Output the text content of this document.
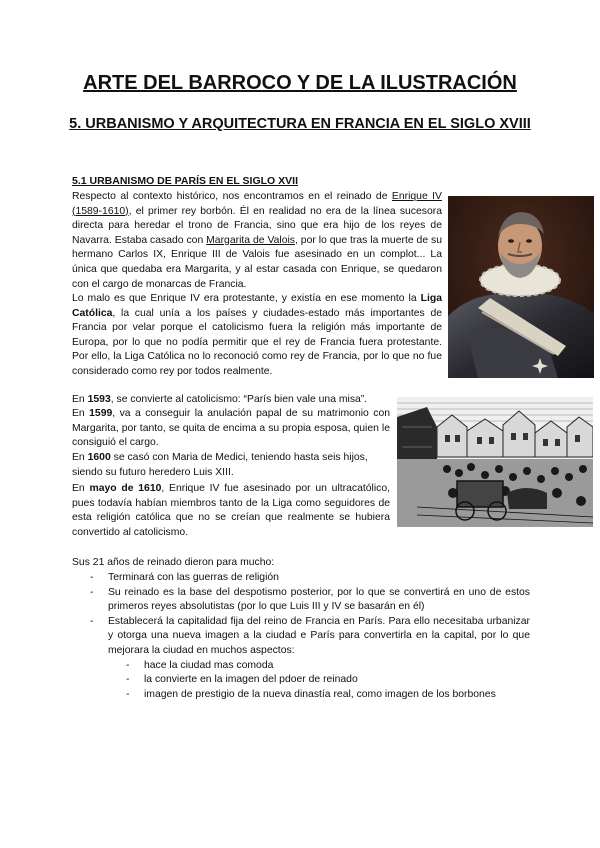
ARTE DEL BARROCO Y DE LA ILUSTRACIÓN
5. URBANISMO Y ARQUITECTURA EN FRANCIA EN EL SIGLO XVIII
5.1 URBANISMO DE PARÍS EN EL SIGLO XVII

Respecto al contexto histórico, nos encontramos en el reinado de Enrique IV (1589-1610), el primer rey borbón. Él en realidad no era de la línea sucesora directa para heredar el trono de Francia, sino que era hijo de los reyes de Navarra. Estaba casado con Margarita de Valois, por lo que tras la muerte de su hermano Carlos IX, Enrique III de Valois fue asesinado en un complot... La única que quedaba era Margarita, y al estar casada con Enrique, se quedaron con el cargo de monarcas de Francia.

Lo malo es que Enrique IV era protestante, y existía en ese momento la Liga Católica, la cual unía a los países y ciudades-estado más importantes de Francia por velar porque el catolicismo fuera la religión más importante de Europa, por lo que no podía permitir que el rey de Francia fuera protestante. Por ello, la Liga Católica no lo reconoció como rey de Francia, por lo que no fue considerado como rey por todos realmente.

En 1593, se convierte al catolicismo: “París bien vale una misa”.

En 1599, va a conseguir la anulación papal de su matrimonio con Margarita, por tanto, se quita de encima a su propia esposa, quien le consiguió el cargo.

En 1600 se casó con Maria de Medici, teniendo hasta seis hijos, siendo su futuro heredero Luis XIII.

En mayo de 1610, Enrique IV fue asesinado por un ultracatólico, pues todavía habían miembros tanto de la Liga como seguidores de esta religión católica que no se creían que realmente se hubiera convertido al catolicismo.

Sus 21 años de reinado dieron para mucho:

- Terminará con las guerras de religión
- Su reinado es la base del despotismo posterior, por lo que se convertirá en uno de estos primeros reyes absolutistas (por lo que Luis III y IV se basarán en él)
- Establecerá la capitalidad fija del reino de Francia en París. Para ello necesitaba urbanizar y otorga una nueva imagen a la ciudad e París para convertirla en la capital, por lo que mejorara la ciudad en muchos aspectos:
- hace la ciudad mas comoda
- la convierte en la imagen del pdoer de reinado
- imagen de prestigio de la nueva dinastía real, como imagen de los borbones
